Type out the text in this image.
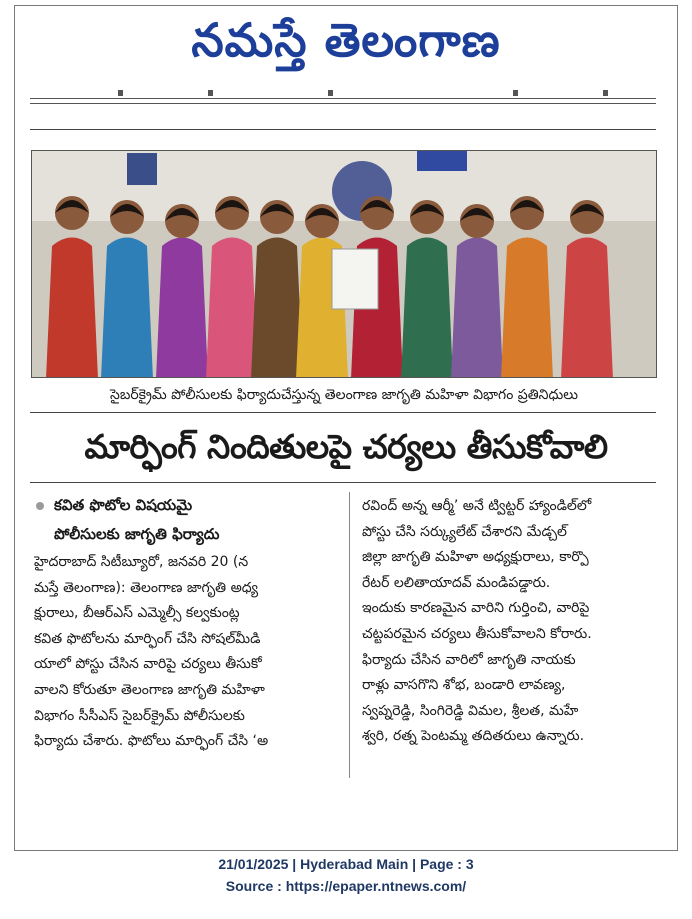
నమస్తే తెలంగాణ
సైబర్‌క్రైమ్ పోలీసులకు ఫిర్యాదుచేస్తున్న తెలంగాణ జాగృతి మహిళా విభాగం ప్రతినిధులు
మార్ఫింగ్ నిందితులపై చర్యలు తీసుకోవాలి
కవిత ఫొటోల విషయమై
పోలీసులకు జాగృతి ఫిర్యాదు
హైదరాబాద్ సిటీబ్యూరో, జనవరి 20 (న
మస్తే తెలంగాణ): తెలంగాణ జాగృతి అధ్య
క్షురాలు, బీఆర్‌ఎస్ ఎమ్మెల్సీ కల్వకుంట్ల
కవిత ఫొటోలను మార్ఫింగ్ చేసి సోషల్‌మీడి
యాలో పోస్టు చేసిన వారిపై చర్యలు తీసుకో
వాలని కోరుతూ తెలంగాణ జాగృతి మహిళా
విభాగం సీసీఎస్ సైబర్‌క్రైమ్ పోలీసులకు
ఫిర్యాదు చేశారు. ఫొటోలు మార్ఫింగ్ చేసి ‘అ
రవింద్ అన్న ఆర్మీ’ అనే ట్విట్టర్ హ్యాండిల్‌లో
పోస్టు చేసి సర్క్యులేట్ చేశారని మేడ్చల్
జిల్లా జాగృతి మహిళా అధ్యక్షురాలు, కార్పొ
రేటర్ లలితాయాదవ్ మండిపడ్డారు.
ఇందుకు కారణమైన వారిని గుర్తించి, వారిపై
చట్టపరమైన చర్యలు తీసుకోవాలని కోరారు.
ఫిర్యాదు చేసిన వారిలో జాగృతి నాయకు
రాళ్లు వాసగొని శోభ, బండారి లావణ్య,
స్వప్నరెడ్డి, సింగిరెడ్డి విమల, శ్రీలత, మహే
శ్వరి, రత్న పెంటమ్మ తదితరులు ఉన్నారు.
21/01/2025 | Hyderabad Main | Page : 3
Source : https://epaper.ntnews.com/
